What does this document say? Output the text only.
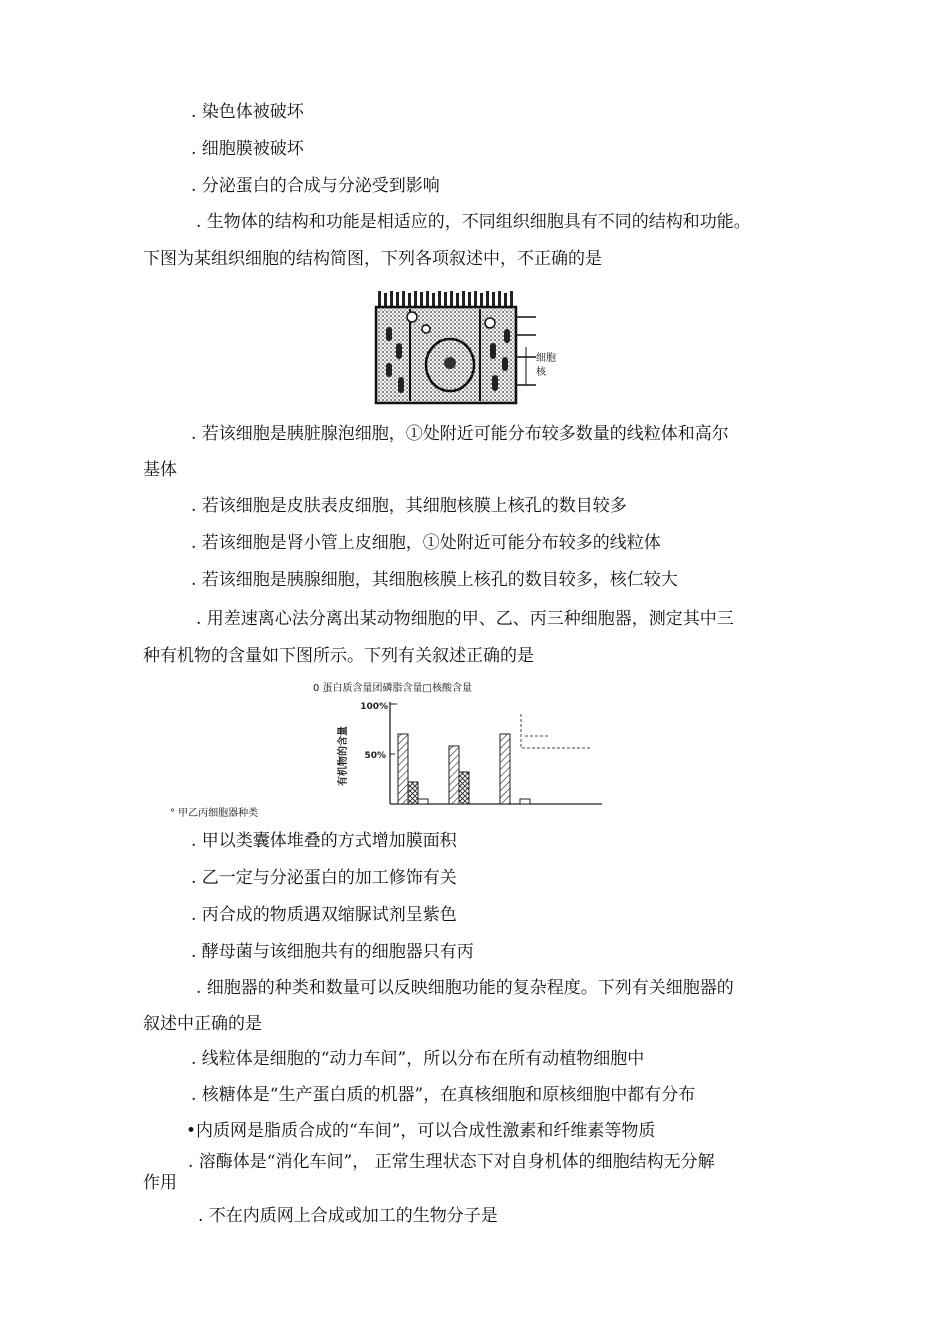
. 染色体被破坏
. 细胞膜被破坏
. 分泌蛋白的合成与分泌受到影响
. 生物体的结构和功能是相适应的，不同组织细胞具有不同的结构和功能。
下图为某组织细胞的结构简图，下列各项叙述中，不正确的是
细胞
核
. 若该细胞是胰脏腺泡细胞，①处附近可能分布较多数量的线粒体和高尔
基体
. 若该细胞是皮肤表皮细胞，其细胞核膜上核孔的数目较多
. 若该细胞是肾小管上皮细胞，①处附近可能分布较多的线粒体
. 若该细胞是胰腺细胞，其细胞核膜上核孔的数目较多，核仁较大
. 用差速离心法分离出某动物细胞的甲、乙、丙三种细胞器，测定其中三
种有机物的含量如下图所示。下列有关叙述正确的是
0 蛋白质含量团磷脂含量□核酸含量
有机物的含量
100%
50%
° 甲乙丙细胞器种类
. 甲以类囊体堆叠的方式增加膜面积
. 乙一定与分泌蛋白的加工修饰有关
. 丙合成的物质遇双缩脲试剂呈紫色
. 酵母菌与该细胞共有的细胞器只有丙
. 细胞器的种类和数量可以反映细胞功能的复杂程度。下列有关细胞器的
叙述中正确的是
. 线粒体是细胞的“动力车间”，所以分布在所有动植物细胞中
. 核糖体是“生产蛋白质的机器”，在真核细胞和原核细胞中都有分布
•内质网是脂质合成的“车间”，可以合成性激素和纤维素等物质
. 溶酶体是“消化车间”， 正常生理状态下对自身机体的细胞结构无分解
作用
. 不在内质网上合成或加工的生物分子是
